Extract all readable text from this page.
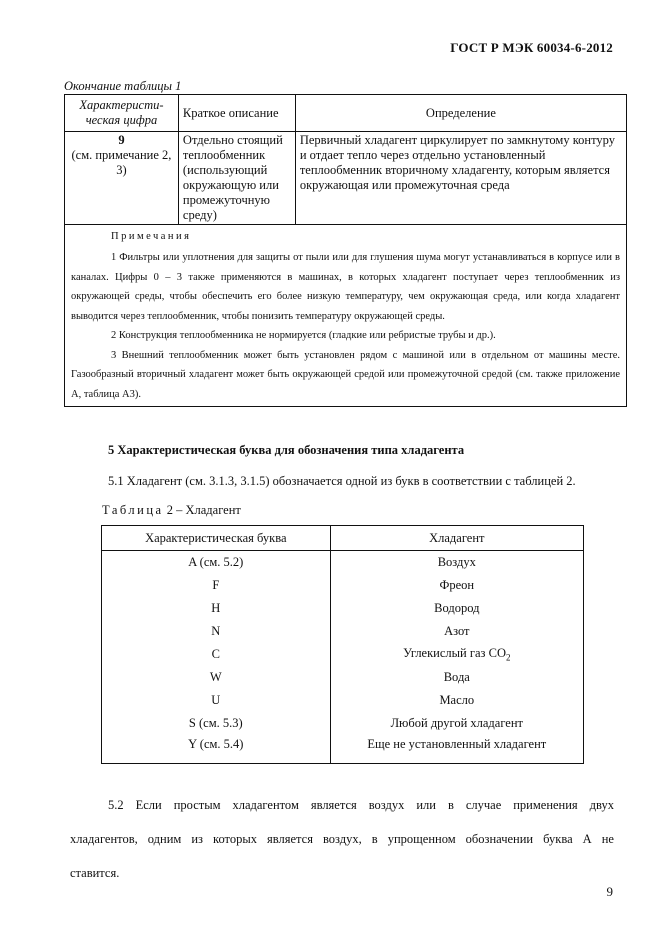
ГОСТ Р МЭК 60034-6-2012
Окончание таблицы 1
Характеристи-ческая цифра	Краткое описание	Определение

9
(см. примечание 2, 3)	Отдельно стоящий теплообменник (использующий окружающую или промежуточную среду)	Первичный хладагент циркулирует по замкнутому контуру и отдает тепло через отдельно установленный теплообменник вторичному хладагенту, которым является окружающая или промежуточная среда

Примечания

1 Фильтры или уплотнения для защиты от пыли или для глушения шума могут устанавливаться в корпусе или в каналах. Цифры 0 – 3 также применяются в машинах, в которых хладагент поступает через теплообменник из окружающей среды, чтобы обеспечить его более низкую температуру, чем окружающая среда, или когда хладагент выводится через теплообменник, чтобы понизить температуру окружающей среды.

2 Конструкция теплообменника не нормируется (гладкие или ребристые трубы и др.).

3 Внешний теплообменник может быть установлен рядом с машиной или в отдельном от машины месте. Газообразный вторичный хладагент может быть окружающей средой или промежуточной средой (см. также приложение А, таблица А3).		

5 Характеристическая буква для обозначения типа хладагента
5.1 Хладагент (см. 3.1.3, 3.1.5) обозначается одной из букв в соответствии с таблицей 2.
Таблица 2 – Хладагент
Характеристическая буква	Хладагент
A (см. 5.2)	Воздух
F	Фреон
H	Водород
N	Азот
C	Углекислый газ $CO_2$
W	Вода
U	Масло
S (см. 5.3)	Любой другой хладагент
Y (см. 5.4)	Еще не установленный хладагент

5.2 Если простым хладагентом является воздух или в случае применения двух хладагентов, одним из которых является воздух, в упрощенном обозначении буква А не ставится.

9
